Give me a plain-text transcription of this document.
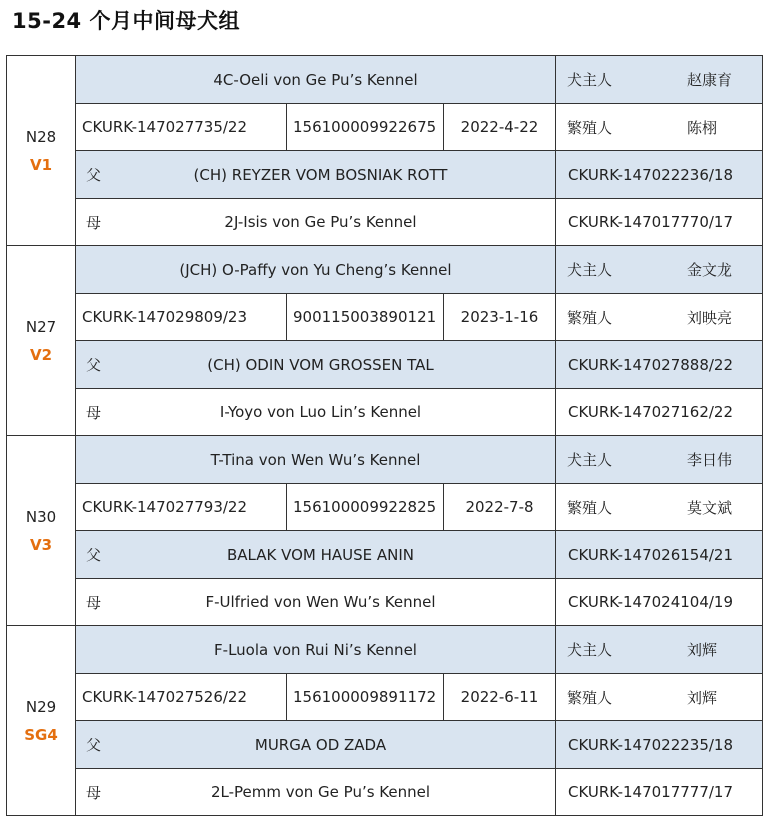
15-24 个月中间母犬组
N28
V1
	4C-Oeli von Ge Pu’s Kennel	犬主人	赵康育

CKURK-147027735/22	156100009922675	2022-4-22	繁殖人	陈栩

父	(CH) REYZER VOM BOSNIAK ROTT	CKURK-147022236/18

母	2J-Isis von Ge Pu’s Kennel	CKURK-147017770/17

N27
V2
	(JCH) O-Paffy von Yu Cheng’s Kennel	犬主人	金文龙

CKURK-147029809/23	900115003890121	2023-1-16	繁殖人	刘映亮

父	(CH) ODIN VOM GROSSEN TAL	CKURK-147027888/22

母	I-Yoyo von Luo Lin’s Kennel	CKURK-147027162/22

N30
V3
	T-Tina von Wen Wu’s Kennel	犬主人	李日伟

CKURK-147027793/22	156100009922825	2022-7-8	繁殖人	莫文斌

父	BALAK VOM HAUSE ANIN	CKURK-147026154/21

母	F-Ulfried von Wen Wu’s Kennel	CKURK-147024104/19

N29
SG4
	F-Luola von Rui Ni’s Kennel	犬主人	刘辉

CKURK-147027526/22	156100009891172	2022-6-11	繁殖人	刘辉

父	MURGA OD ZADA	CKURK-147022235/18

母	2L-Pemm von Ge Pu’s Kennel	CKURK-147017777/17
